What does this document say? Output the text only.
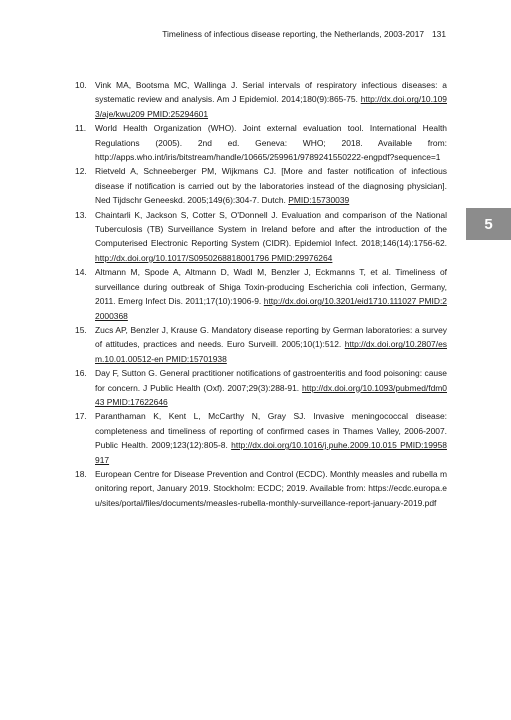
Timeliness of infectious disease reporting, the Netherlands, 2003-2017 131
5
10. Vink MA, Bootsma MC, Wallinga J. Serial intervals of respiratory infectious diseases: a systematic review and analysis. Am J Epidemiol. 2014;180(9):865-75. http://dx.doi.org/10.1093/aje/kwu209 PMID:25294601
11. World Health Organization (WHO). Joint external evaluation tool. International Health Regulations (2005). 2nd ed. Geneva: WHO; 2018. Available from: http://apps.who.int/iris/bitstream/handle/10665/259961/9789241550222-engpdf?sequence=1
12. Rietveld A, Schneeberger PM, Wijkmans CJ. [More and faster notification of infectious disease if notification is carried out by the laboratories instead of the diagnosing physician]. Ned Tijdschr Geneeskd. 2005;149(6):304-7. Dutch. PMID:15730039
13. Chaintarli K, Jackson S, Cotter S, O'Donnell J. Evaluation and comparison of the National Tuberculosis (TB) Surveillance System in Ireland before and after the introduction of the Computerised Electronic Reporting System (CIDR). Epidemiol Infect. 2018;146(14):1756-62. http://dx.doi.org/10.1017/S0950268818001796 PMID:29976264
14. Altmann M, Spode A, Altmann D, Wadl M, Benzler J, Eckmanns T, et al. Timeliness of surveillance during outbreak of Shiga Toxin-producing Escherichia coli infection, Germany, 2011. Emerg Infect Dis. 2011;17(10):1906-9. http://dx.doi.org/10.3201/eid1710.111027 PMID:22000368
15. Zucs AP, Benzler J, Krause G. Mandatory disease reporting by German laboratories: a survey of attitudes, practices and needs. Euro Surveill. 2005;10(1):512. http://dx.doi.org/10.2807/esm.10.01.00512-en PMID:15701938
16. Day F, Sutton G. General practitioner notifications of gastroenteritis and food poisoning: cause for concern. J Public Health (Oxf). 2007;29(3):288-91. http://dx.doi.org/10.1093/pubmed/fdm043 PMID:17622646
17. Paranthaman K, Kent L, McCarthy N, Gray SJ. Invasive meningococcal disease: completeness and timeliness of reporting of confirmed cases in Thames Valley, 2006-2007. Public Health. 2009;123(12):805-8. http://dx.doi.org/10.1016/j.puhe.2009.10.015 PMID:19958917
18. European Centre for Disease Prevention and Control (ECDC). Monthly measles and rubella monitoring report, January 2019. Stockholm: ECDC; 2019. Available from: https://ecdc.europa.eu/sites/portal/files/documents/measles-rubella-monthly-surveillance-report-january-2019.pdf
